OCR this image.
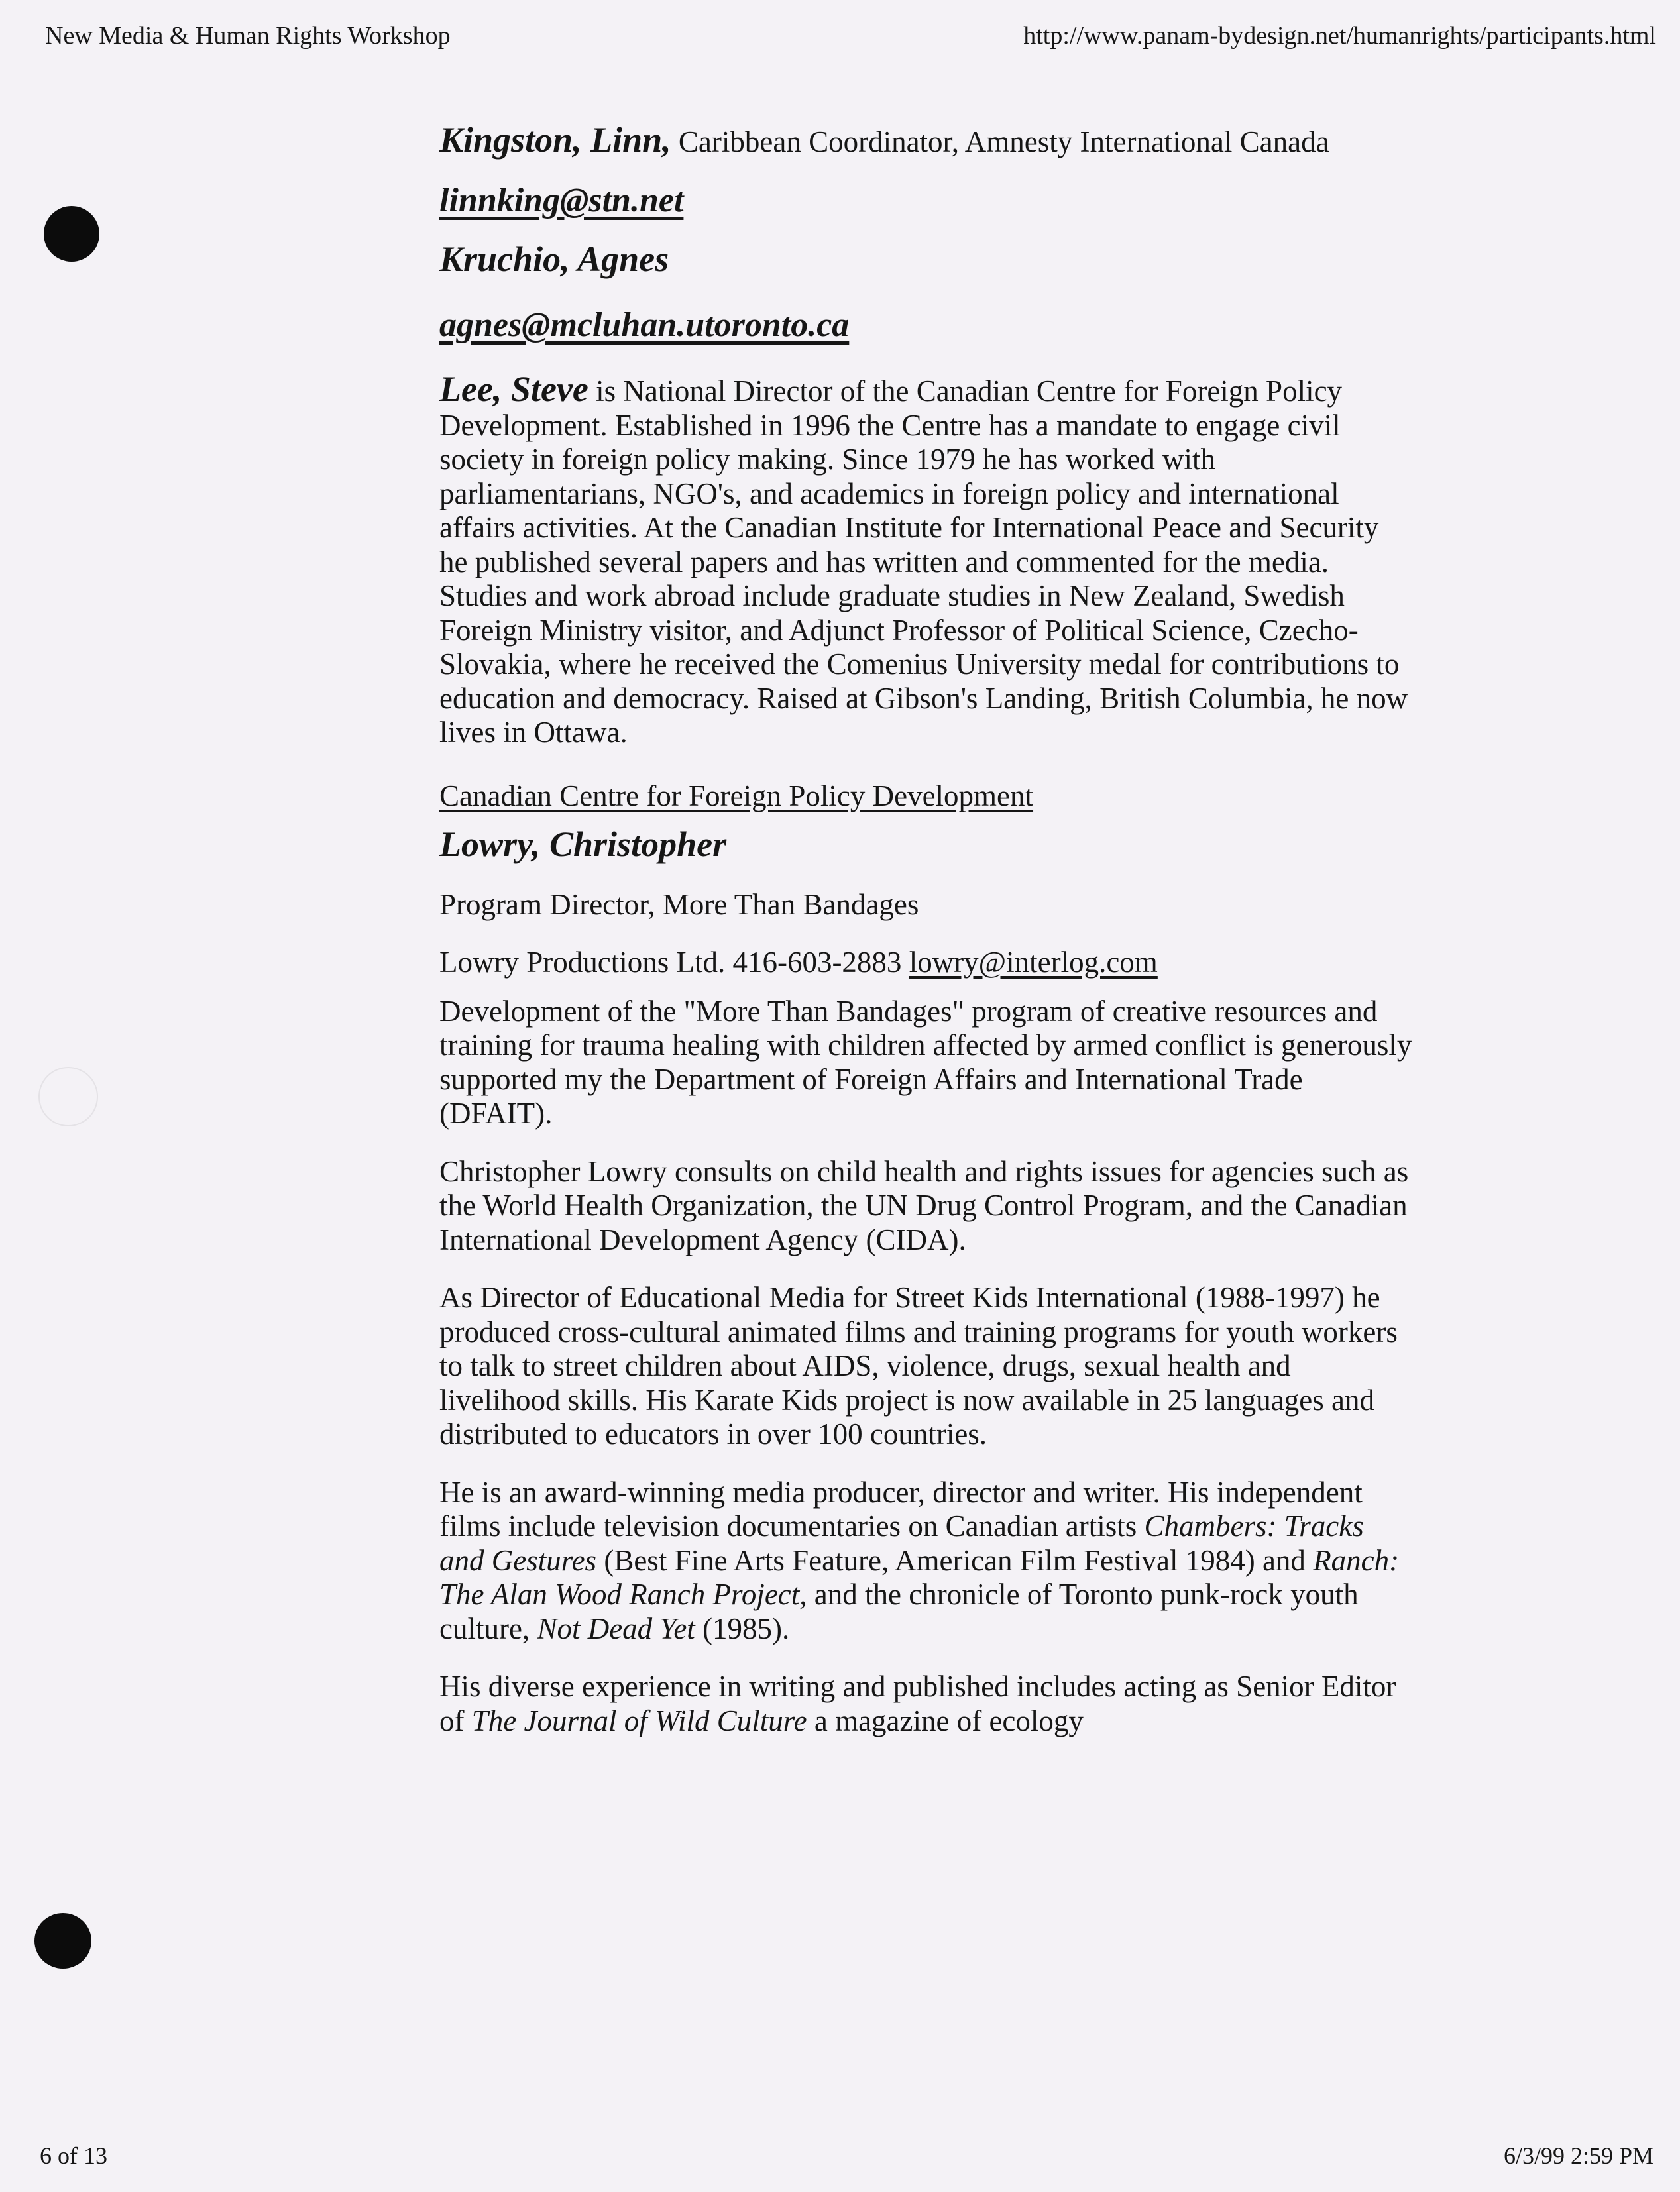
New Media & Human Rights Workshop	http://www.panam-bydesign.net/humanrights/participants.html

Kingston, Linn, Caribbean Coordinator, Amnesty International Canada

linnking@stn.net

Kruchio, Agnes

agnes@mcluhan.utoronto.ca

Lee, Steve is National Director of the Canadian Centre for Foreign Policy Development. Established in 1996 the Centre has a mandate to engage civil society in foreign policy making. Since 1979 he has worked with parliamentarians, NGO's, and academics in foreign policy and international affairs activities. At the Canadian Institute for International Peace and Security he published several papers and has written and commented for the media. Studies and work abroad include graduate studies in New Zealand, Swedish Foreign Ministry visitor, and Adjunct Professor of Political Science, Czecho-Slovakia, where he received the Comenius University medal for contributions to education and democracy. Raised at Gibson's Landing, British Columbia, he now lives in Ottawa.

Canadian Centre for Foreign Policy Development

Lowry, Christopher

Program Director, More Than Bandages

Lowry Productions Ltd. 416-603-2883 lowry@interlog.com

Development of the "More Than Bandages" program of creative resources and training for trauma healing with children affected by armed conflict is generously supported my the Department of Foreign Affairs and International Trade (DFAIT).

Christopher Lowry consults on child health and rights issues for agencies such as the World Health Organization, the UN Drug Control Program, and the Canadian International Development Agency (CIDA).

As Director of Educational Media for Street Kids International (1988-1997) he produced cross-cultural animated films and training programs for youth workers to talk to street children about AIDS, violence, drugs, sexual health and livelihood skills. His Karate Kids project is now available in 25 languages and distributed to educators in over 100 countries.

He is an award-winning media producer, director and writer. His independent films include television documentaries on Canadian artists Chambers: Tracks and Gestures (Best Fine Arts Feature, American Film Festival 1984) and Ranch: The Alan Wood Ranch Project, and the chronicle of Toronto punk-rock youth culture, Not Dead Yet (1985).

His diverse experience in writing and published includes acting as Senior Editor of The Journal of Wild Culture a magazine of ecology

6 of 13	6/3/99 2:59 PM
